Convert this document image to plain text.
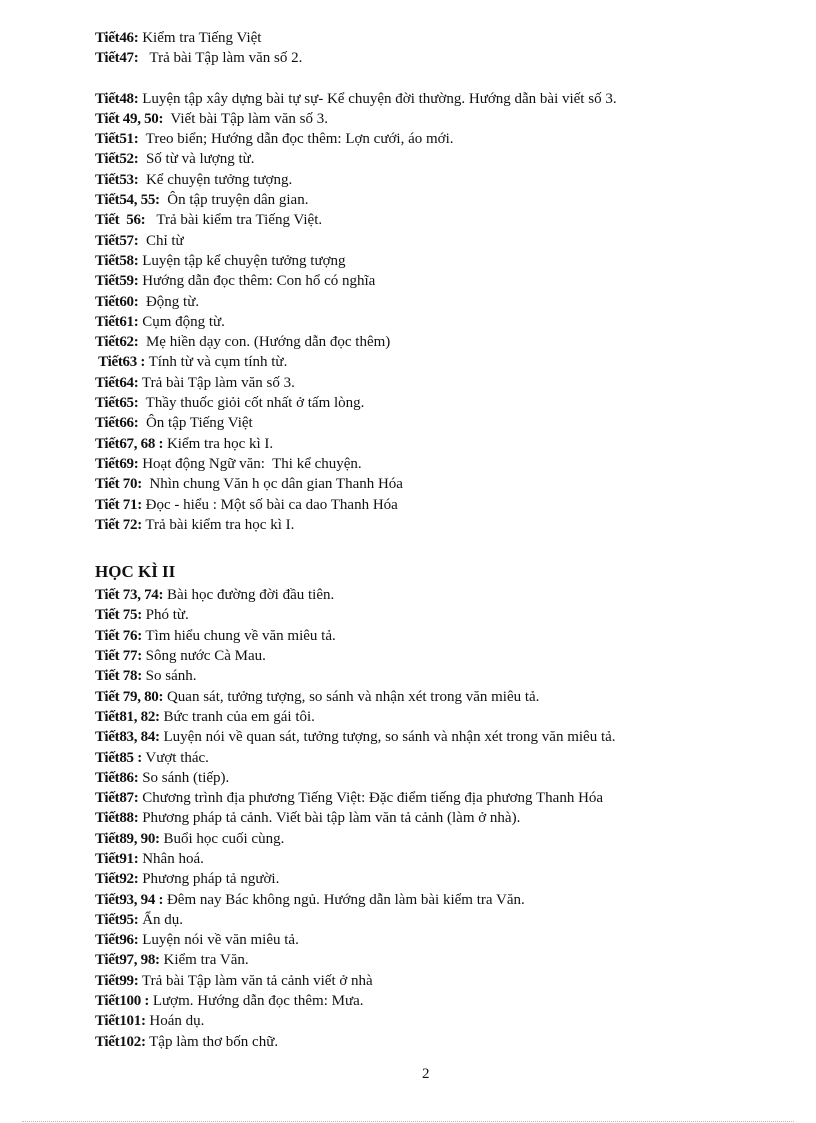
Tiết46: Kiểm tra Tiếng Việt
Tiết47:   Trả bài Tập làm văn số 2.
Tiết48: Luyện tập xây dựng bài tự sự- Kể chuyện đời thường. Hướng dẫn bài viết số 3.
Tiết 49, 50:  Viết bài Tập làm văn số 3.
Tiết51:  Treo biển; Hướng dẫn đọc thêm: Lợn cưới, áo mới.
Tiết52:  Số từ và lượng từ.
Tiết53:  Kể chuyện tưởng tượng.
Tiết54, 55:  Ôn tập truyện dân gian.
Tiết  56:   Trả bài kiểm tra Tiếng Việt.
Tiết57:  Chỉ từ
Tiết58: Luyện tập kể chuyện tưởng tượng
Tiết59: Hướng dẫn đọc thêm: Con hổ có nghĩa
Tiết60:  Động từ.
Tiết61: Cụm động từ.
Tiết62:  Mẹ hiền dạy con. (Hướng dẫn đọc thêm)
Tiết63 : Tính từ và cụm tính từ.
Tiết64: Trả bài Tập làm văn số 3.
Tiết65:  Thầy thuốc giỏi cốt nhất ở tấm lòng.
Tiết66:  Ôn tập Tiếng Việt
Tiết67, 68 : Kiểm tra học kì I.
Tiết69: Hoạt động Ngữ văn:  Thi kể chuyện.
Tiết 70:  Nhìn chung Văn h ọc dân gian Thanh Hóa
Tiết 71: Đọc - hiểu : Một số bài ca dao Thanh Hóa
Tiết 72: Trả bài kiểm tra học kì I.
HỌC KÌ II
Tiết 73, 74: Bài học đường đời đầu tiên.
Tiết 75: Phó từ.
Tiết 76: Tìm hiểu chung về văn miêu tả.
Tiết 77: Sông nước Cà Mau.
Tiết 78: So sánh.
Tiết 79, 80: Quan sát, tưởng tượng, so sánh và nhận xét trong văn miêu tả.
Tiết81, 82: Bức tranh của em gái tôi.
Tiết83, 84: Luyện nói về quan sát, tưởng tượng, so sánh và nhận xét trong văn miêu tả.
Tiết85 : Vượt thác.
Tiết86: So sánh (tiếp).
Tiết87: Chương trình địa phương Tiếng Việt: Đặc điểm tiếng địa phương Thanh Hóa
Tiết88: Phương pháp tả cảnh. Viết bài tập làm văn tả cảnh (làm ở nhà).
Tiết89, 90: Buổi học cuối cùng.
Tiết91: Nhân hoá.
Tiết92: Phương pháp tả người.
Tiết93, 94 : Đêm nay Bác không ngủ. Hướng dẫn làm bài kiểm tra Văn.
Tiết95: Ẩn dụ.
Tiết96: Luyện nói về văn miêu tả.
Tiết97, 98: Kiểm tra Văn.
Tiết99: Trả bài Tập làm văn tả cảnh viết ở nhà
Tiết100 : Lượm. Hướng dẫn đọc thêm: Mưa.
Tiết101: Hoán dụ.
Tiết102: Tập làm thơ bốn chữ.
2
